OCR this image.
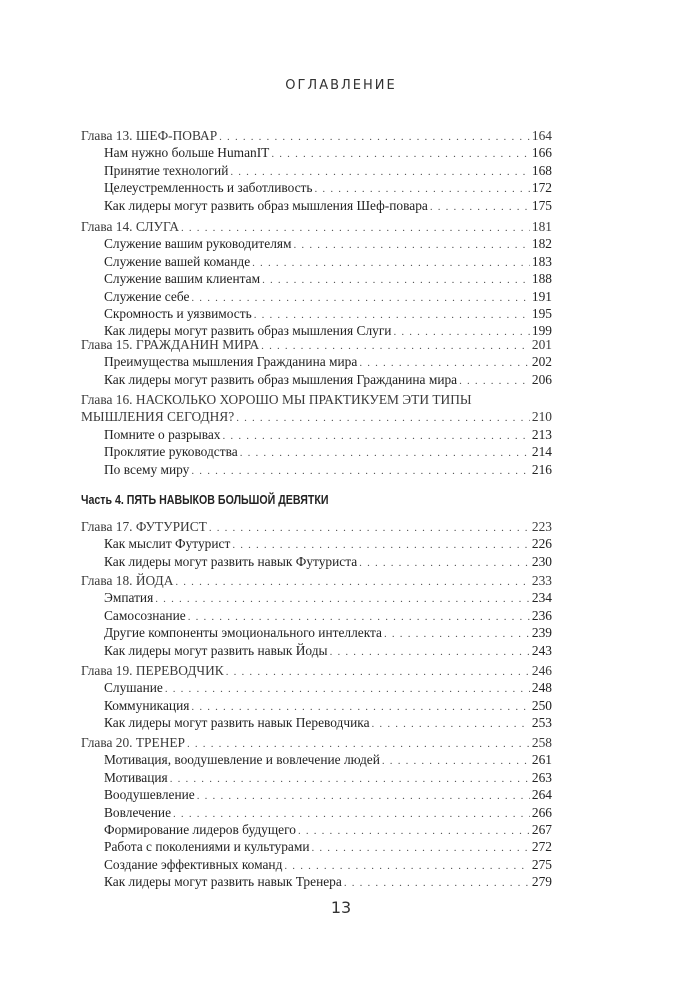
ОГЛАВЛЕНИЕ
Часть 4. ПЯТЬ НАВЫКОВ БОЛЬШОЙ ДЕВЯТКИ
Глава 13. ШЕФ-ПОВАР . . .	164
Нам нужно больше HumanIT . . .	166
Принятие технологий . . .	168
Целеустремленность и заботливость . . .	172
Как лидеры могут развить образ мышления Шеф-повара . . .	175
Глава 14. СЛУГА . . .	181
Служение вашим руководителям . . .	182
Служение вашей команде . . .	183
Служение вашим клиентам . . .	188
Служение себе . . .	191
Скромность и уязвимость . . .	195
Как лидеры могут развить образ мышления Слуги . . .	199
Глава 15. ГРАЖДАНИН МИРА . . .	201
Преимущества мышления Гражданина мира . . .	202
Как лидеры могут развить образ мышления Гражданина мира . . .	206
Глава 16. НАСКОЛЬКО ХОРОШО МЫ ПРАКТИКУЕМ ЭТИ ТИПЫ
МЫШЛЕНИЯ СЕГОДНЯ? . . .	210
Помните о разрывах . . .	213
Проклятие руководства . . .	214
По всему миру . . .	216
Глава 17. ФУТУРИСТ . . .	223
Как мыслит Футурист . . .	226
Как лидеры могут развить навык Футуриста . . .	230
Глава 18. ЙОДА . . .	233
Эмпатия . . .	234
Самосознание . . .	236
Другие компоненты эмоционального интеллекта . . .	239
Как лидеры могут развить навык Йоды . . .	243
Глава 19. ПЕРЕВОДЧИК . . .	246
Слушание . . .	248
Коммуникация . . .	250
Как лидеры могут развить навык Переводчика . . .	253
Глава 20. ТРЕНЕР . . .	258
Мотивация, воодушевление и вовлечение людей . . .	261
Мотивация . . .	263
Воодушевление . . .	264
Вовлечение . . .	266
Формирование лидеров будущего . . .	267
Работа с поколениями и культурами . . .	272
Создание эффективных команд . . .	275
Как лидеры могут развить навык Тренера . . .	279
13
